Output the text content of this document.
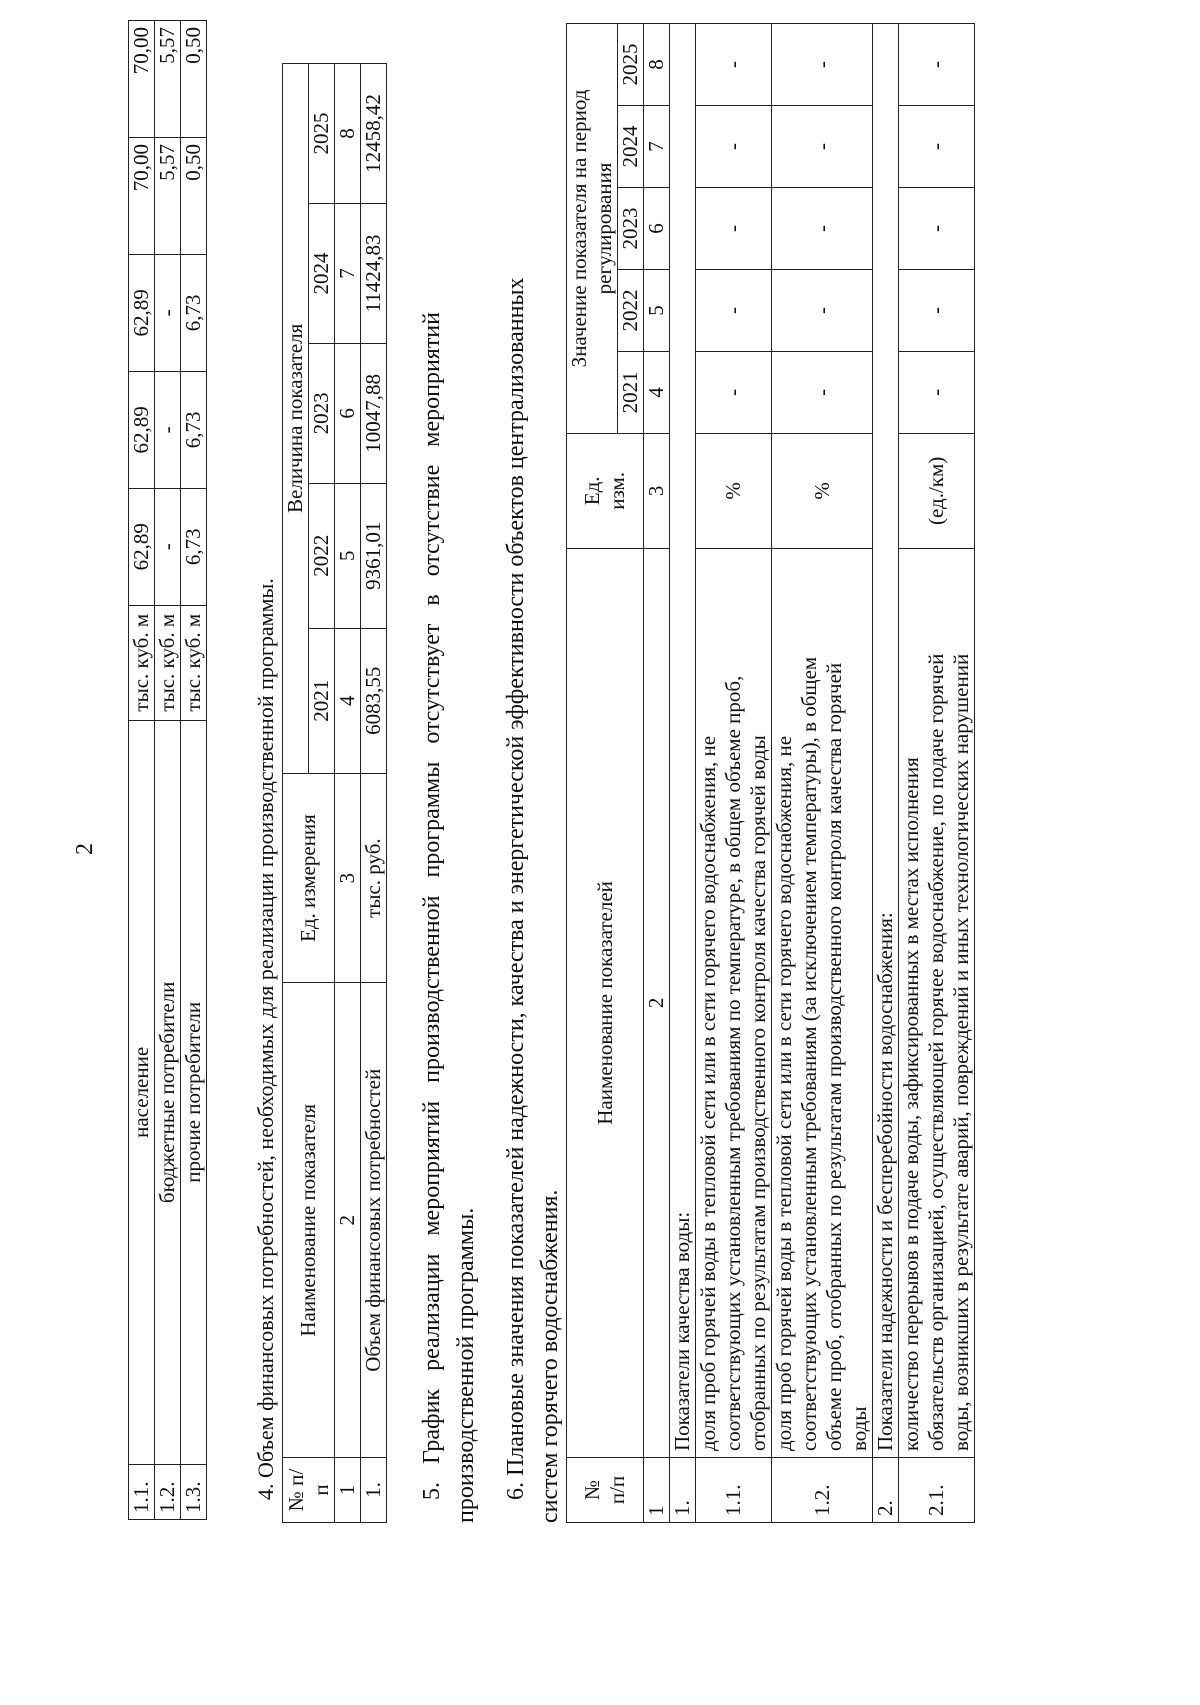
2
1.1.	население	тыс. куб. м	62,89	62,89	62,89	70,00	70,00
1.2.	бюджетные потребители	тыс. куб. м	-	-	-	5,57	5,57
1.3.	прочие потребители	тыс. куб. м	6,73	6,73	6,73	0,50	0,50
4. Объем финансовых потребностей, необходимых для реализации производственной программы. № п/п	Наименование показателя	Ед. измерения	Величина показателя				
			2021	2022	2023	2024	2025
1	2	3	4	5	6	7	8
1.	Объем финансовых потребностей	тыс. руб.	6083,55	9361,01	10047,88	11424,83	12458,42
5.   График   реализации   мероприятий   производственной   программы   отсутствует   в   отсутствие   мероприятий производственной программы. 6. Плановые значения показателей надежности, качества и энергетической эффективности объектов централизованных систем горячего водоснабжения. №
п/п	Наименование показателей	Ед.
изм.	Значение показателя на период
регулирования				
			2021	2022	2023	2024	2025
1	2	3	4	5	6	7	8
1.	Показатели качества воды:						
1.1.	доля проб горячей воды в тепловой сети или в сети горячего водоснабжения, не
соответствующих установленным требованиям по температуре, в общем объеме проб,
отобранных по результатам производственного контроля качества горячей воды	%	-	-	-	-	-
1.2.	доля проб горячей воды в тепловой сети или в сети горячего водоснабжения, не
соответствующих установленным требованиям (за исключением температуры), в общем
объеме проб, отобранных по результатам производственного контроля качества горячей
воды	%	-	-	-	-	-
2.	Показатели надежности и бесперебойности водоснабжения:						
2.1.	количество перерывов в подаче воды, зафиксированных в местах исполнения
обязательств организацией, осуществляющей горячее водоснабжение, по подаче горячей
воды, возникших в результате аварий, повреждений и иных технологических нарушений	(ед./км)	-	-	-	-	-
